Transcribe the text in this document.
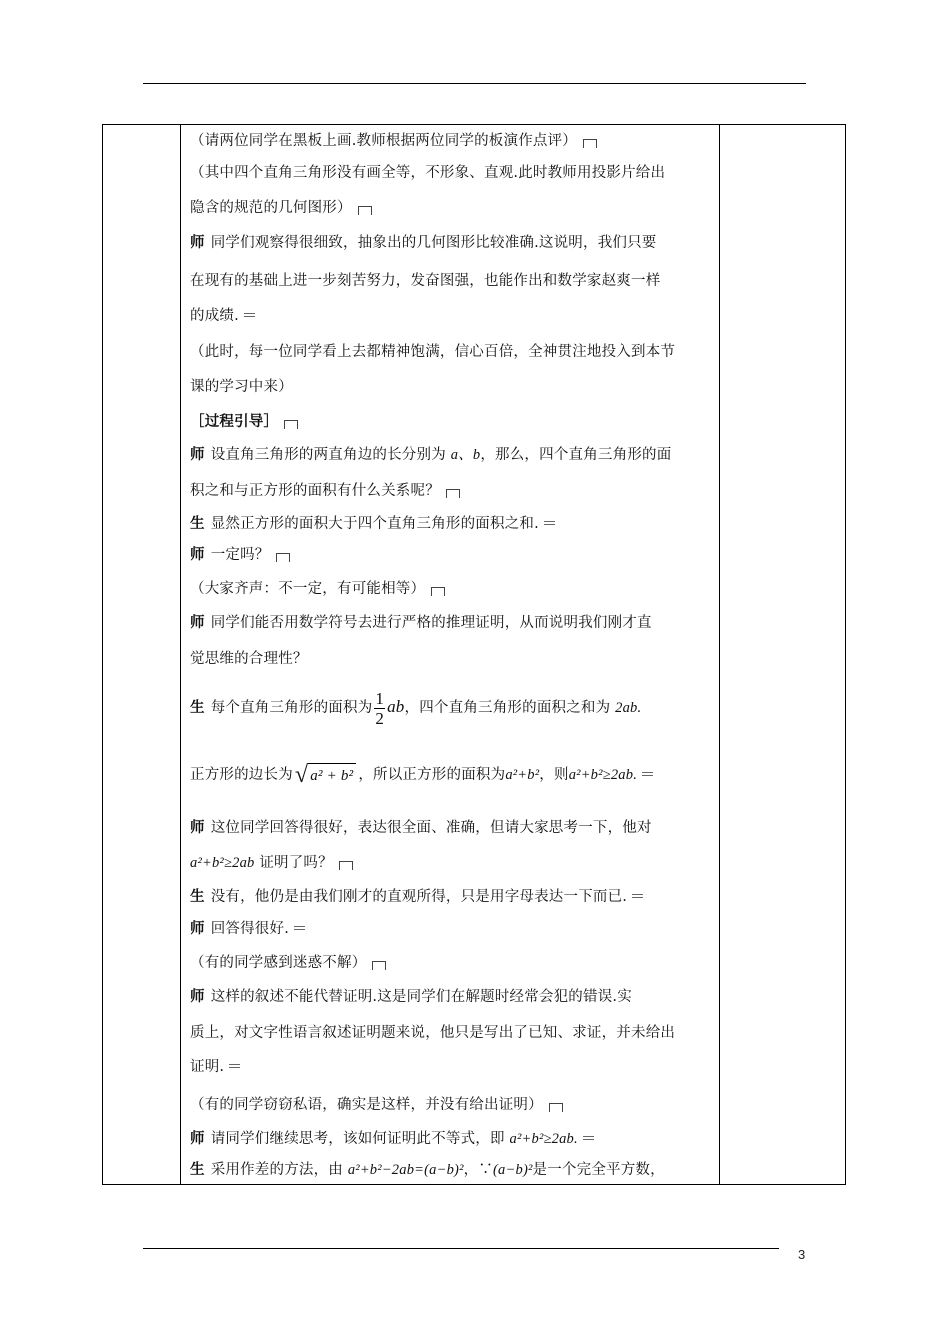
（请两位同学在黑板上画.教师根据两位同学的板演作点评）
（其中四个直角三角形没有画全等，不形象、直观.此时教师用投影片给出
隐含的规范的几何图形）
师 同学们观察得很细致，抽象出的几何图形比较准确.这说明，我们只要
在现有的基础上进一步刻苦努力，发奋图强，也能作出和数学家赵爽一样
的成绩.
（此时，每一位同学看上去都精神饱满，信心百倍，全神贯注地投入到本节
课的学习中来）
［过程引导］
师 设直角三角形的两直角边的长分别为 a、b，那么，四个直角三角形的面
积之和与正方形的面积有什么关系呢？
生 显然正方形的面积大于四个直角三角形的面积之和.
师 一定吗？
（大家齐声：不一定，有可能相等）
师 同学们能否用数学符号去进行严格的推理证明，从而说明我们刚才直
觉思维的合理性？
生 每个直角三角形的面积为 $\frac{1}{2}$ ab，四个直角三角形的面积之和为 2ab.
正方形的边长为 √ a² + b² ，所以正方形的面积为a²+b²，则a²+b²≥2ab.
师 这位同学回答得很好，表达很全面、准确，但请大家思考一下，他对
a²+b²≥2ab 证明了吗？
生 没有，他仍是由我们刚才的直观所得，只是用字母表达一下而已.
师 回答得很好.
（有的同学感到迷惑不解）
师 这样的叙述不能代替证明.这是同学们在解题时经常会犯的错误.实
质上，对文字性语言叙述证明题来说，他只是写出了已知、求证，并未给出
证明.
（有的同学窃窃私语，确实是这样，并没有给出证明）
师 请同学们继续思考，该如何证明此不等式，即 a²+b²≥2ab.
生 采用作差的方法，由 a²+b²−2ab=(a−b)²，∵(a−b)²是一个完全平方数，
3
